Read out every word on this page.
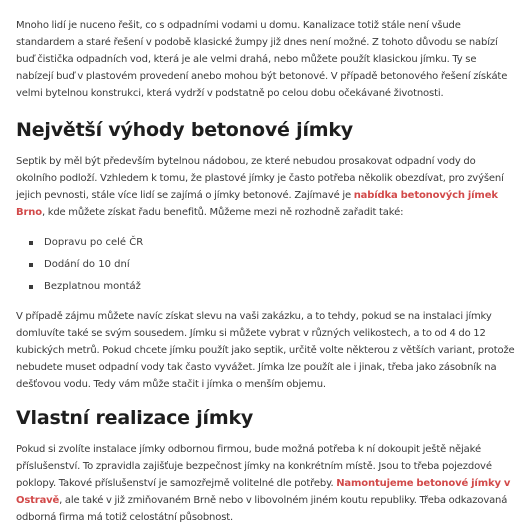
Mnoho lidí je nuceno řešit, co s odpadními vodami u domu. Kanalizace totiž stále není všude standardem a staré řešení v podobě klasické žumpy již dnes není možné. Z tohoto důvodu se nabízí buď čistička odpadních vod, která je ale velmi drahá, nebo můžete použít klasickou jímku. Ty se nabízejí buď v plastovém provedení anebo mohou být betonové. V případě betonového řešení získáte velmi bytelnou konstrukci, která vydrží v podstatně po celou dobu očekávané životnosti.

Největší výhody betonové jímky

Septik by měl být především bytelnou nádobou, ze které nebudou prosakovat odpadní vody do okolního podloží. Vzhledem k tomu, že plastové jímky je často potřeba několik obezdívat, pro zvýšení jejich pevnosti, stále více lidí se zajímá o jímky betonové. Zajímavé je nabídka betonových jímek Brno, kde můžete získat řadu benefitů. Můžeme mezi ně rozhodně zařadit také:

Dopravu po celé ČR
Dodání do 10 dní
Bezplatnou montáž

V případě zájmu můžete navíc získat slevu na vaši zakázku, a to tehdy, pokud se na instalaci jímky domluvíte také se svým sousedem. Jímku si můžete vybrat v různých velikostech, a to od 4 do 12 kubických metrů. Pokud chcete jímku použít jako septik, určitě volte některou z větších variant, protože nebudete muset odpadní vody tak často vyvážet. Jímka lze použít ale i jinak, třeba jako zásobník na dešťovou vodu. Tedy vám může stačit i jímka o menším objemu.

Vlastní realizace jímky

Pokud si zvolíte instalace jímky odbornou firmou, bude možná potřeba k ní dokoupit ještě nějaké příslušenství. To zpravidla zajišťuje bezpečnost jímky na konkrétním místě. Jsou to třeba pojezdové poklopy. Takové příslušenství je samozřejmě volitelné dle potřeby. Namontujeme betonové jímky v Ostravě, ale také v již zmiňovaném Brně nebo v libovolném jiném koutu republiky. Třeba odkazovaná odborná firma má totiž celostátní působnost.
